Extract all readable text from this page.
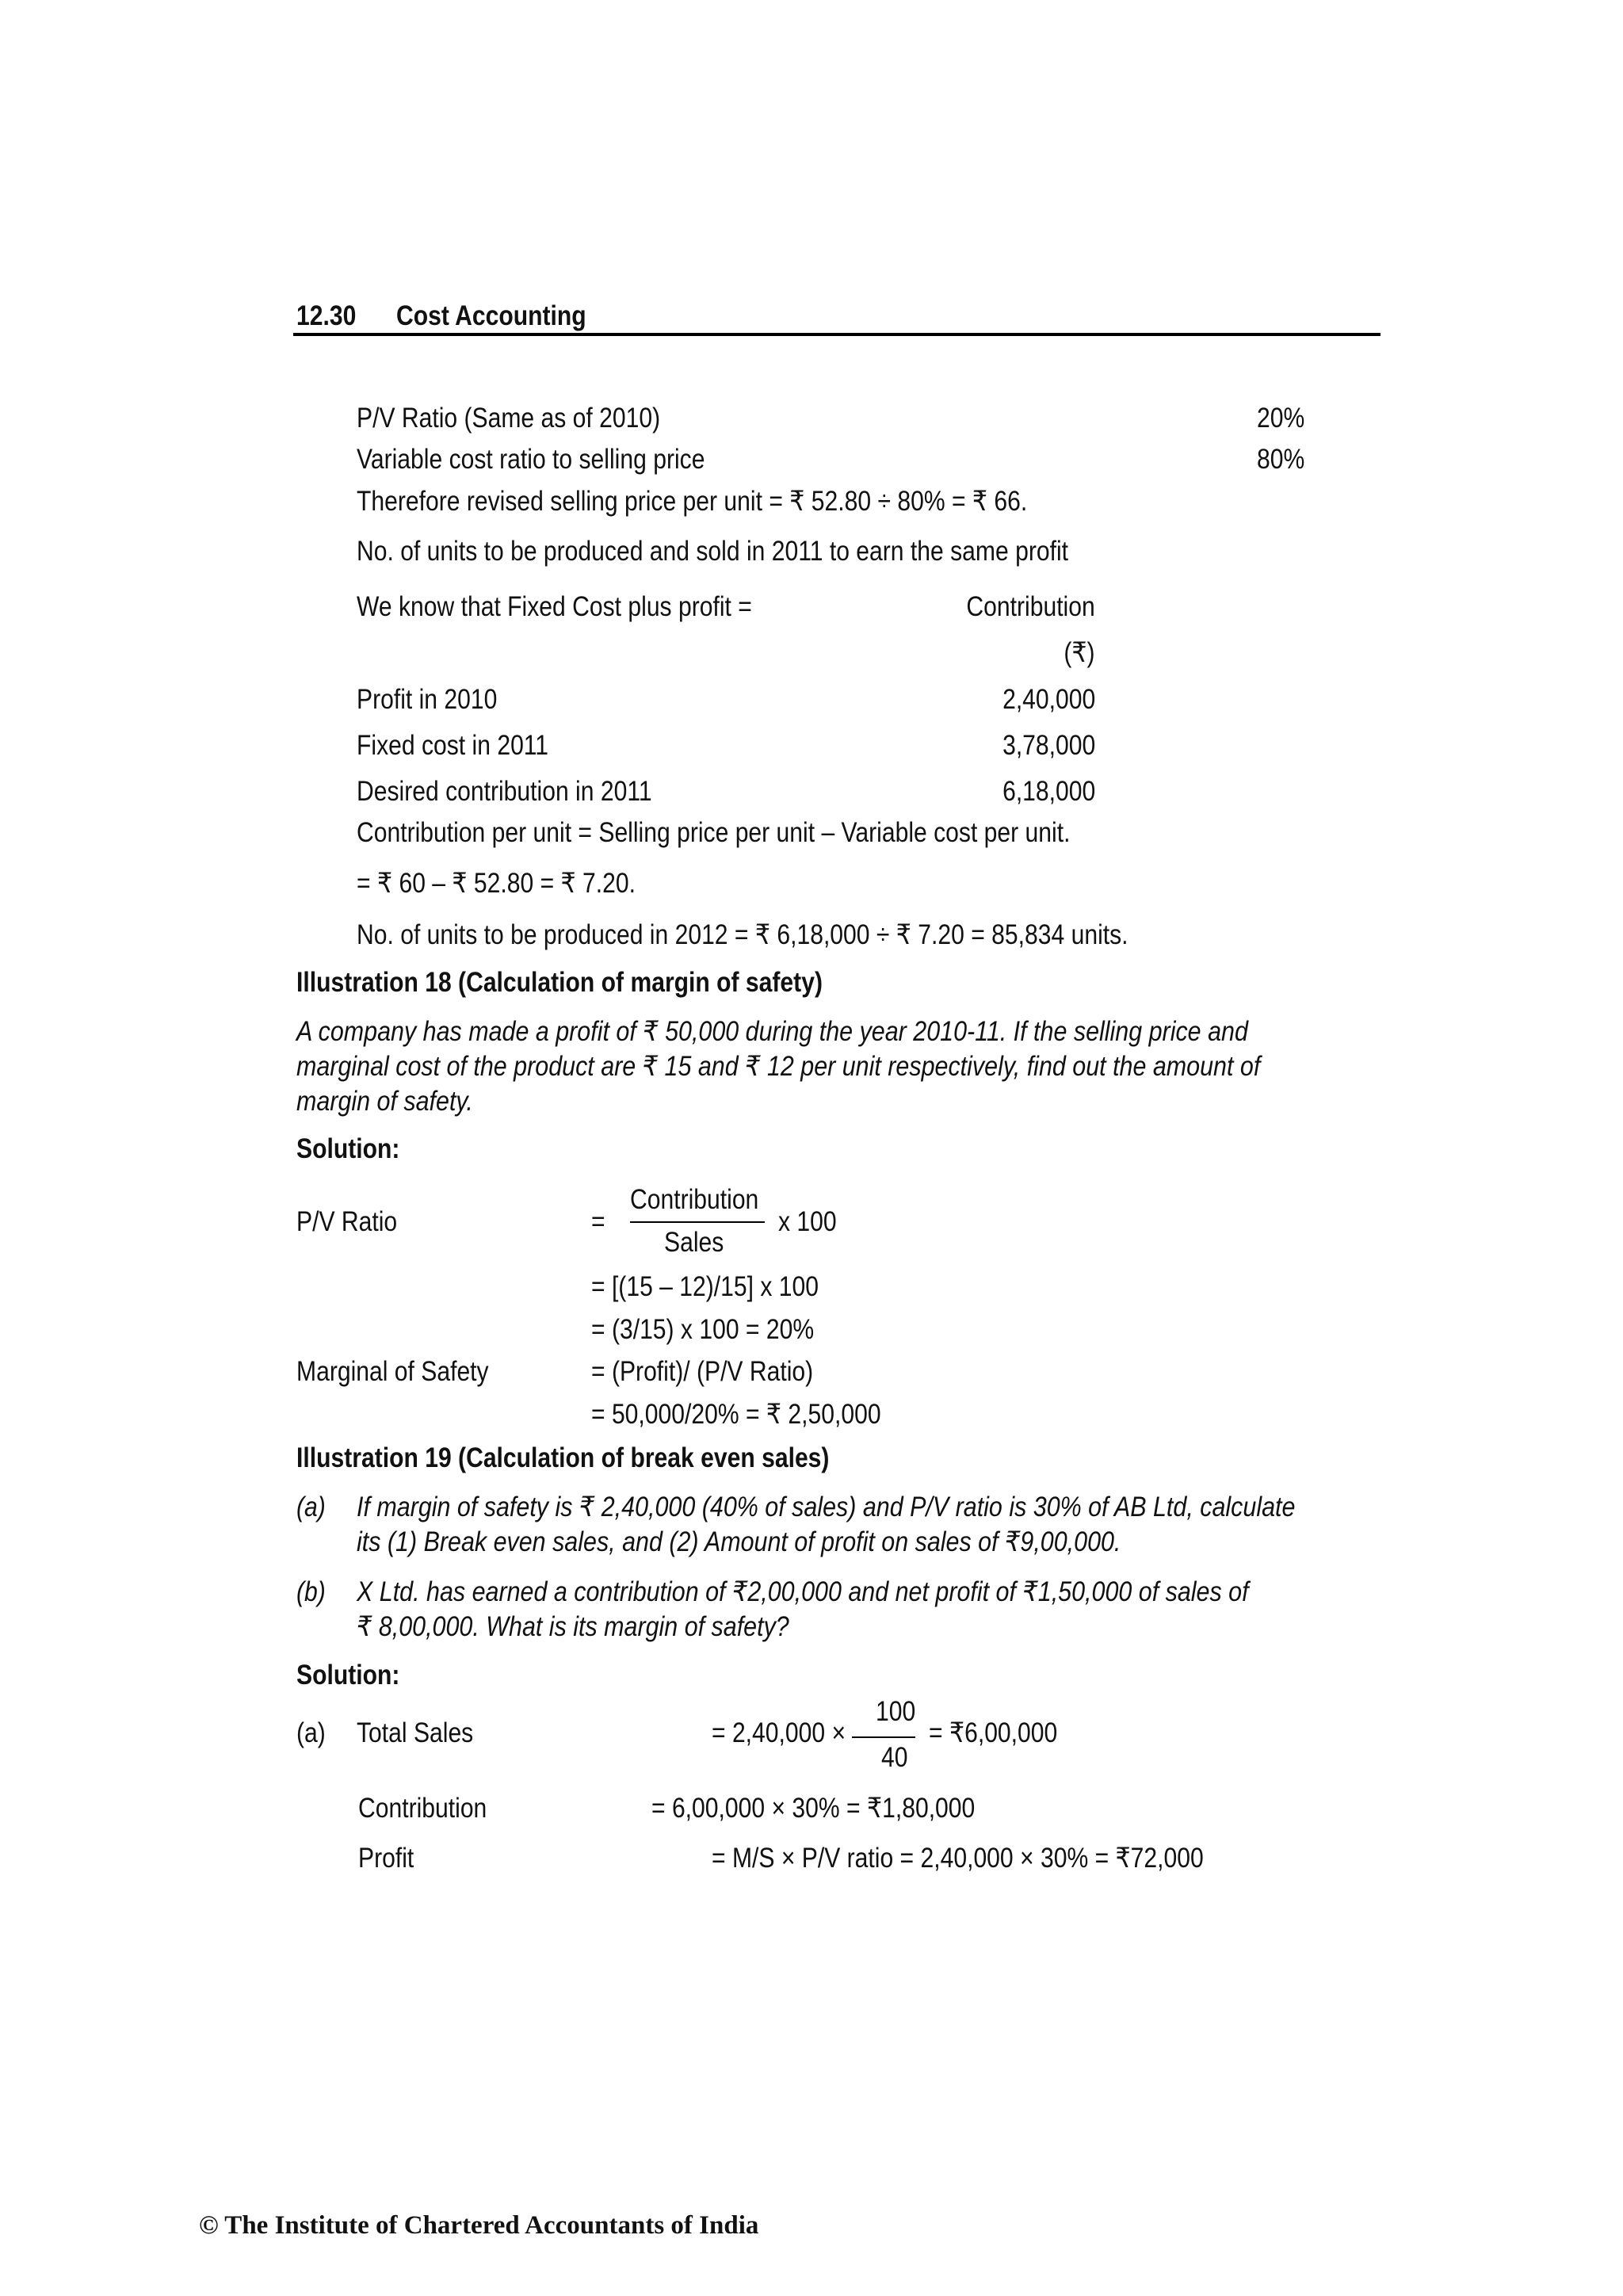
12.30	Cost Accounting
P/V Ratio (Same as of 2010)	20%
Variable cost ratio to selling price	80%
Therefore revised selling price per unit = ₹ 52.80 ÷ 80% = ₹ 66.
No. of units to be produced and sold in 2011 to earn the same profit
We know that Fixed Cost plus profit =	Contribution
(₹)
Profit in 2010	2,40,000
Fixed cost in 2011	3,78,000
Desired contribution in 2011	6,18,000
Contribution per unit = Selling price per unit – Variable cost per unit.
= ₹ 60 – ₹ 52.80 = ₹ 7.20.
No. of units to be produced in 2012 = ₹ 6,18,000 ÷ ₹ 7.20 = 85,834 units.
Illustration 18 (Calculation of margin of safety)
A company has made a profit of ₹ 50,000 during the year 2010-11. If the selling price and
marginal cost of the product are ₹ 15 and ₹ 12 per unit respectively, find out the amount of
margin of safety.
Solution:
P/V Ratio	=
Contribution
Sales
x 100
= [(15 – 12)/15] x 100
= (3/15) x 100 = 20%
Marginal of Safety	= (Profit)/ (P/V Ratio)
= 50,000/20% = ₹ 2,50,000
Illustration 19 (Calculation of break even sales)
(a) If margin of safety is ₹ 2,40,000 (40% of sales) and P/V ratio is 30% of AB Ltd, calculate
its (1) Break even sales, and (2) Amount of profit on sales of ₹9,00,000.
(b) X Ltd. has earned a contribution of ₹2,00,000 and net profit of ₹1,50,000 of sales of
₹ 8,00,000. What is its margin of safety?
Solution:
(a) Total Sales	= 2,40,000 ×
100
40
= ₹6,00,000
Contribution	= 6,00,000 × 30% = ₹1,80,000
Profit	= M/S × P/V ratio = 2,40,000 × 30% = ₹72,000
© The Institute of Chartered Accountants of India
